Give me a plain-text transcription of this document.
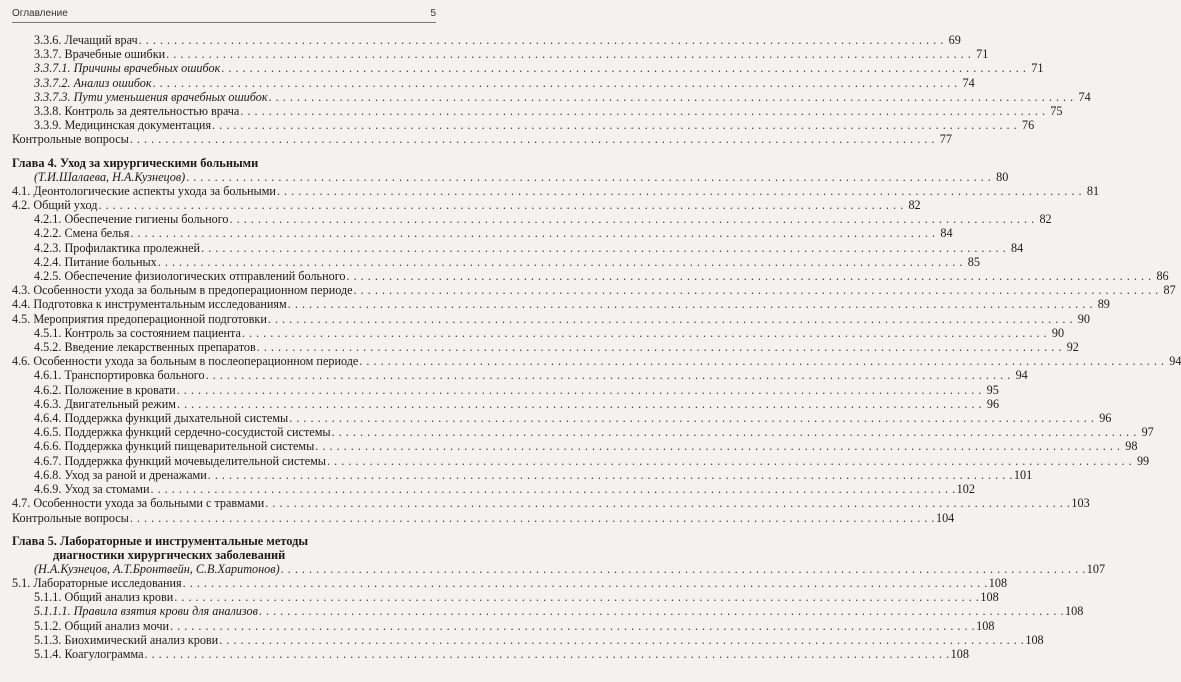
Оглавление	5
3.3.6. Лечащий врач . . .	69
3.3.7. Врачебные ошибки . . .	71
3.3.7.1. Причины врачебных ошибок . . .	71
3.3.7.2. Анализ ошибок . . .	74
3.3.7.3. Пути уменьшения врачебных ошибок . . .	74
3.3.8. Контроль за деятельностью врача . . .	75
3.3.9. Медицинская документация . . .	76
Контрольные вопросы . . .	77
Глава 4. Уход за хирургическими больными
(Т.И.Шалаева, Н.А.Кузнецов) . . .	80
4.1. Деонтологические аспекты ухода за больными . . .	81
4.2. Общий уход . . .	82
4.2.1. Обеспечение гигиены больного . . .	82
4.2.2. Смена белья . . .	84
4.2.3. Профилактика пролежней . . .	84
4.2.4. Питание больных . . .	85
4.2.5. Обеспечение физиологических отправлений больного . . .	86
4.3. Особенности ухода за больным в предоперационном периоде . . .	87
4.4. Подготовка к инструментальным исследованиям . . .	89
4.5. Мероприятия предоперационной подготовки . . .	90
4.5.1. Контроль за состоянием пациента . . .	90
4.5.2. Введение лекарственных препаратов . . .	92
4.6. Особенности ухода за больным в послеоперационном периоде . . .	94
4.6.1. Транспортировка больного . . .	94
4.6.2. Положение в кровати . . .	95
4.6.3. Двигательный режим . . .	96
4.6.4. Поддержка функций дыхательной системы . . .	96
4.6.5. Поддержка функций сердечно-сосудистой системы . . .	97
4.6.6. Поддержка функций пищеварительной системы . . .	98
4.6.7. Поддержка функций мочевыделительной системы . . .	99
4.6.8. Уход за раной и дренажами . . .	101
4.6.9. Уход за стомами . . .	102
4.7. Особенности ухода за больными с травмами . . .	103
Контрольные вопросы . . .	104
Глава 5. Лабораторные и инструментальные методы
диагностики хирургических заболеваний
(Н.А.Кузнецов, А.Т.Бронтвейн, С.В.Харитонов) . . .	107
5.1. Лабораторные исследования . . .	108
5.1.1. Общий анализ крови . . .	108
5.1.1.1. Правила взятия крови для анализов . . .	108
5.1.2. Общий анализ мочи . . .	108
5.1.3. Биохимический анализ крови . . .	108
5.1.4. Коагулограмма . . .	108
